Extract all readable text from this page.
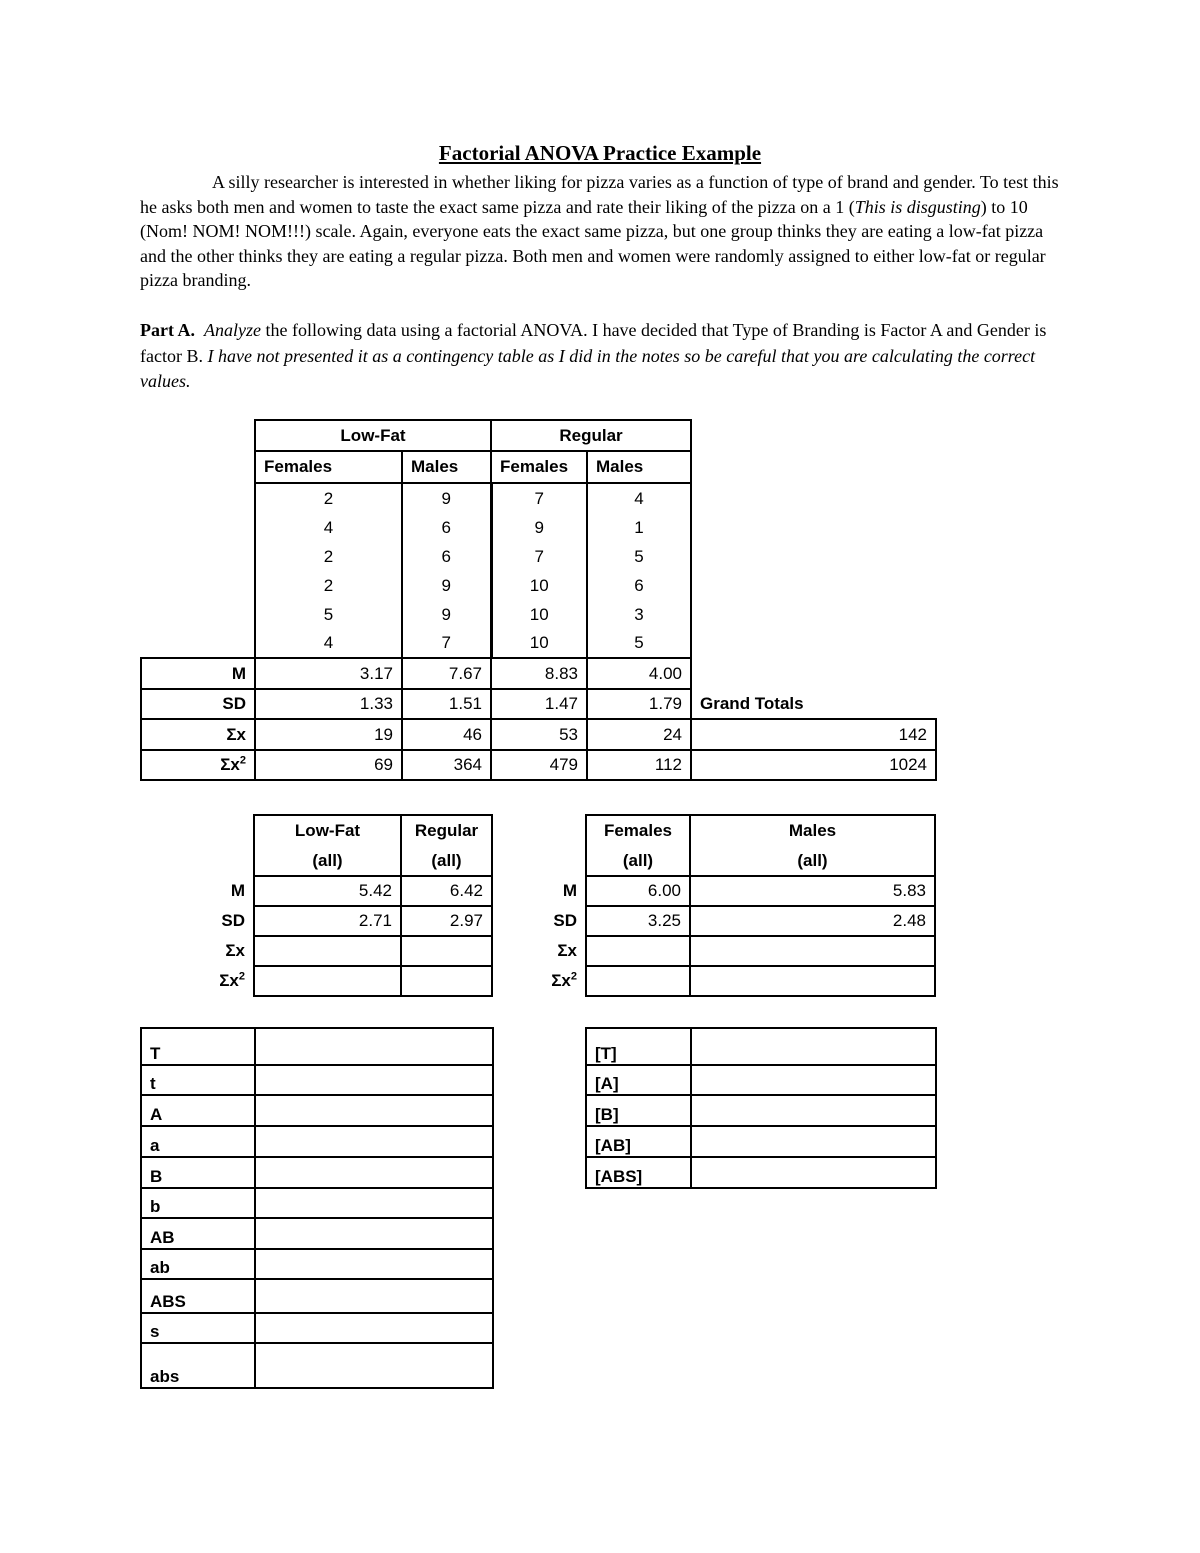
Factorial ANOVA Practice Example

A silly researcher is interested in whether liking for pizza varies as a function of type of brand and gender. To test this he asks both men and women to taste the exact same pizza and rate their liking of the pizza on a 1 (This is disgusting) to 10 (Nom! NOM! NOM!!!) scale. Again, everyone eats the exact same pizza, but one group thinks they are eating a low-fat pizza and the other thinks they are eating a regular pizza. Both men and women were randomly assigned to either low-fat or regular pizza branding.

Part A. Analyze the following data using a factorial ANOVA. I have decided that Type of Branding is Factor A and Gender is factor B. I have not presented it as a contingency table as I did in the notes so be careful that you are calculating the correct values.

	Low-Fat		Regular		
	Females	Males	Females	Males	
	2	9	7	4	
	4	6	9	1	
	2	6	7	5	
	2	9	10	6	
	5	9	10	3	
	4	7	10	5	
M	3.17	7.67	8.83	4.00	
SD	1.33	1.51	1.47	1.79	Grand Totals
Σx	19	46	53	24	142
$\Sigma x^2$	69	364	479	112	1024
	Low-Fat	Regular
	(all)	(all)
M	5.42	6.42
SD	2.71	2.97
Σx		
$\Sigma x^2$		
	Females	Males
	(all)	(all)
M	6.00	5.83
SD	3.25	2.48
Σx		
$\Sigma x^2$		
T	
t	
A	
a	
B	
b	
AB	
ab	
ABS	
s	
abs	
[T]	
[A]	
[B]	
[AB]	
[ABS]	
